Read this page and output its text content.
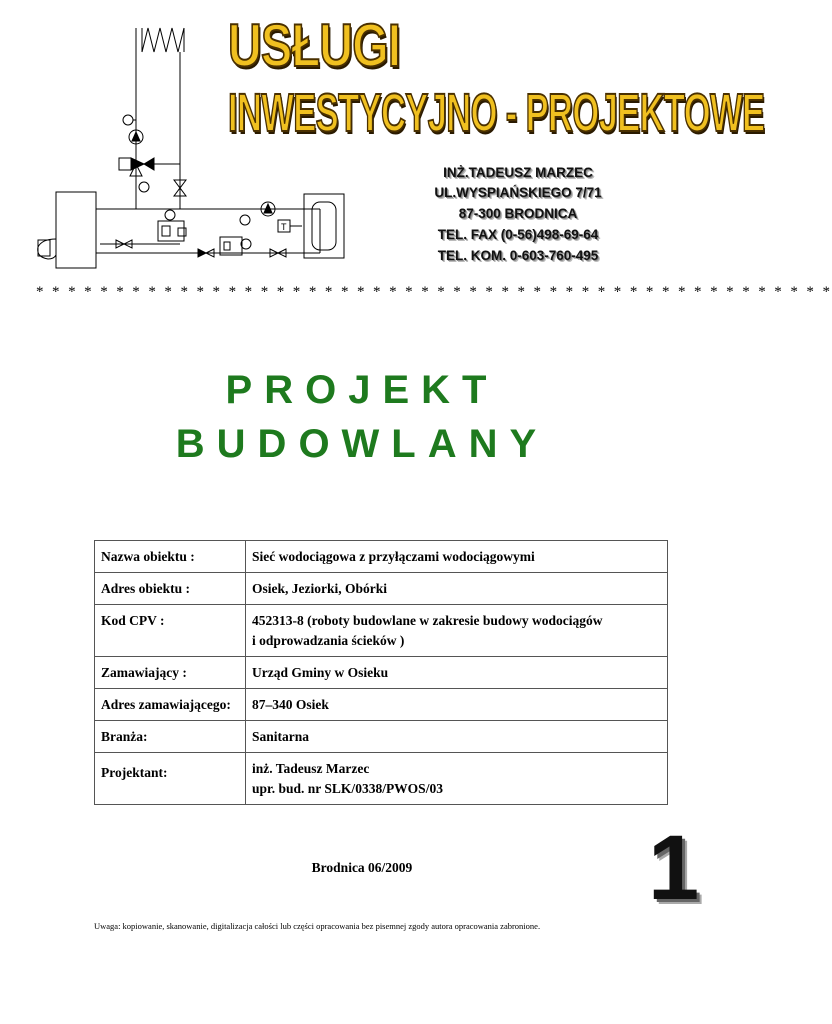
T
USŁUGI
INWESTYCYJNO - PROJEKTOWE
INŻ.TADEUSZ MARZEC
UL.WYSPIAŃSKIEGO 7/71
87-300 BRODNICA
TEL. FAX (0-56)498-69-64
TEL. KOM. 0-603-760-495
* * * * * * * * * * * * * * * * * * * * * * * * * * * * * * * * * * * * * * * * * * * * * * * * * *
PROJEKT
BUDOWLANY
Nazwa obiektu :	Sieć wodociągowa z przyłączami wodociągowymi
Adres obiektu :	Osiek, Jeziorki, Obórki
Kod CPV :	452313-8 (roboty budowlane w zakresie budowy wodociągów
i odprowadzania ścieków )
Zamawiający :	Urząd Gminy w Osieku
Adres zamawiającego:	87–340 Osiek
Branża:	Sanitarna
Projektant:	inż. Tadeusz Marzec
upr. bud. nr SLK/0338/PWOS/03
Brodnica 06/2009	1
Uwaga: kopiowanie, skanowanie, digitalizacja całości lub części opracowania bez pisemnej zgody autora opracowania zabronione.
